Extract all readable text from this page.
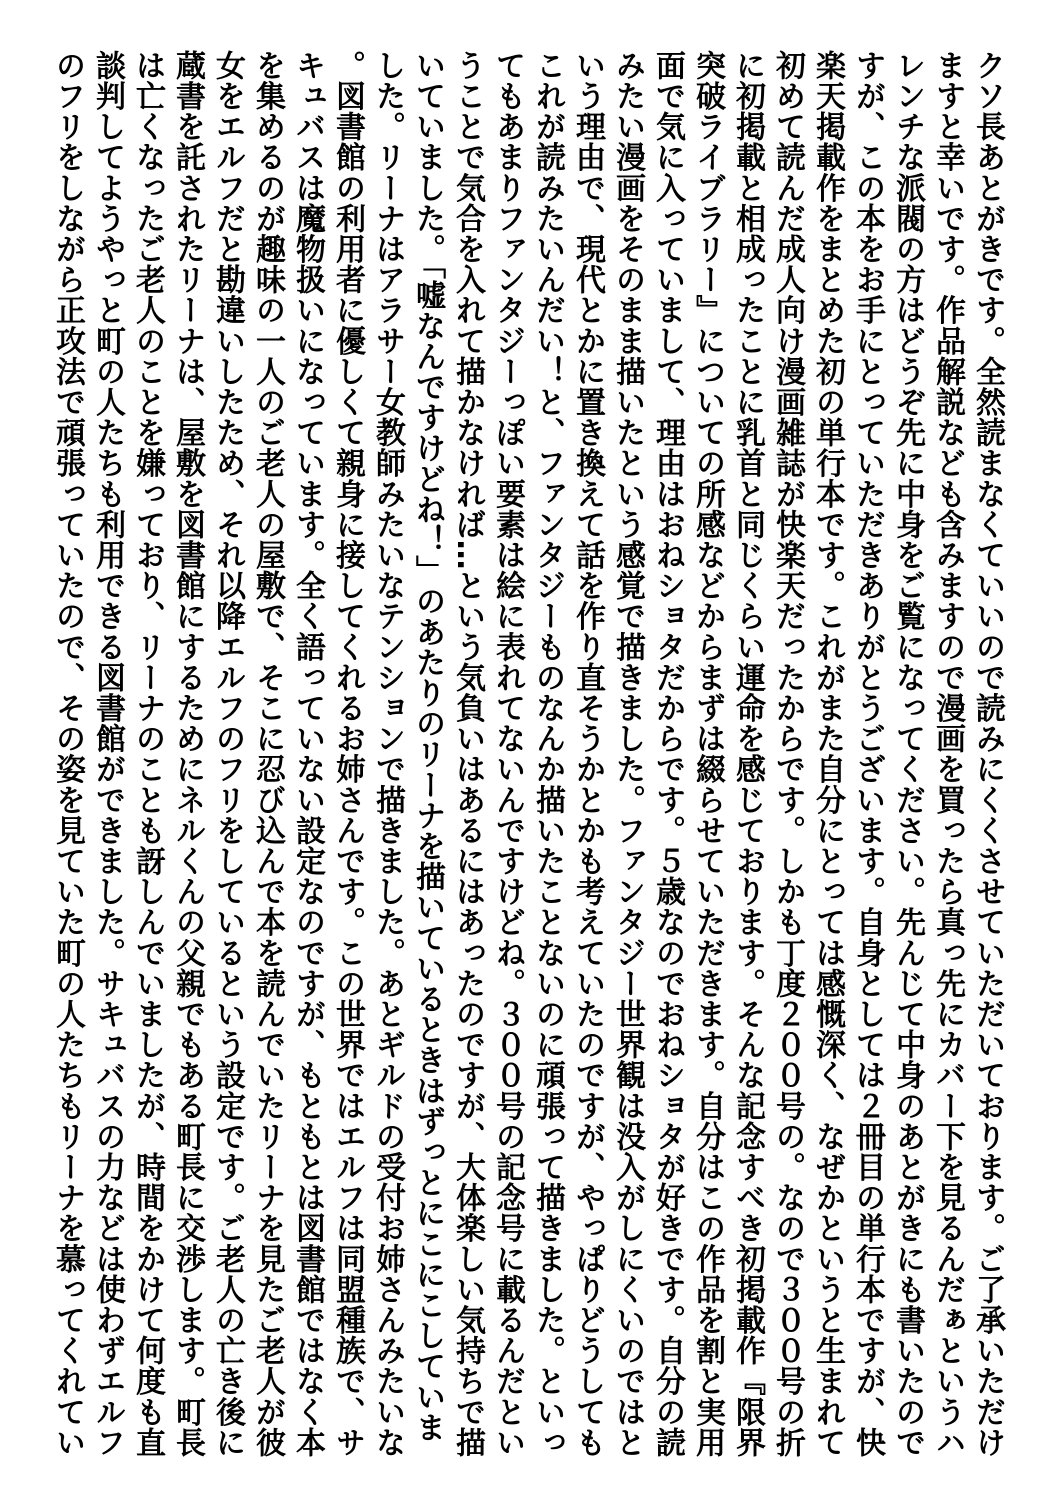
クソ長あとがきです。全然読まなくていいので読みにくくさせていただいております。ご了承いただけ
ますと幸いです。作品解説なども含みますので漫画を買ったら真っ先にカバー下を見るんだぁというハ
レンチな派閥の方はどうぞ先に中身をご覧になってください。先んじて中身のあとがきにも書いたので
すが、この本をお手にとっていただきありがとうございます。自身としては２冊目の単行本ですが、快
楽天掲載作をまとめた初の単行本です。これがまた自分にとっては感慨深く、なぜかというと生まれて
初めて読んだ成人向け漫画雑誌が快楽天だったからです。しかも丁度２００号の。なので３００号の折
に初掲載と相成ったことに乳首と同じくらい運命を感じております。そんな記念すべき初掲載作『限界
突破ライブラリー』についての所感などからまずは綴らせていただきます。自分はこの作品を割と実用
面で気に入っていまして、理由はおねショタだからです。５歳なのでおねショタが好きです。自分の読
みたい漫画をそのまま描いたという感覚で描きました。ファンタジー世界観は没入がしにくいのではと
いう理由で、現代とかに置き換えて話を作り直そうかとかも考えていたのですが、やっぱりどうしても
これが読みたいんだい！と、ファンタジーものなんか描いたことないのに頑張って描きました。といっ
てもあまりファンタジーっぽい要素は絵に表れてないんですけどね。３００号の記念号に載るんだとい
うことで気合を入れて描かなければ…という気負いはあるにはあったのですが、大体楽しい気持ちで描
いていました。「嘘なんですけどね！」のあたりのリーナを描いているときはずっとにこにこしていま
した。リーナはアラサー女教師みたいなテンションで描きました。あとギルドの受付お姉さんみたいな
。図書館の利用者に優しくて親身に接してくれるお姉さんです。この世界ではエルフは同盟種族で、サ
キュバスは魔物扱いになっています。全く語っていない設定なのですが、もともとは図書館ではなく本
を集めるのが趣味の一人のご老人の屋敷で、そこに忍び込んで本を読んでいたリーナを見たご老人が彼
女をエルフだと勘違いしたため、それ以降エルフのフリをしているという設定です。ご老人の亡き後に
蔵書を託されたリーナは、屋敷を図書館にするためにネルくんの父親でもある町長に交渉します。町長
は亡くなったご老人のことを嫌っており、リーナのことも訝しんでいましたが、時間をかけて何度も直
談判してようやっと町の人たちも利用できる図書館ができました。サキュバスの力などは使わずエルフ
のフリをしながら正攻法で頑張っていたので、その姿を見ていた町の人たちもリーナを慕ってくれてい
